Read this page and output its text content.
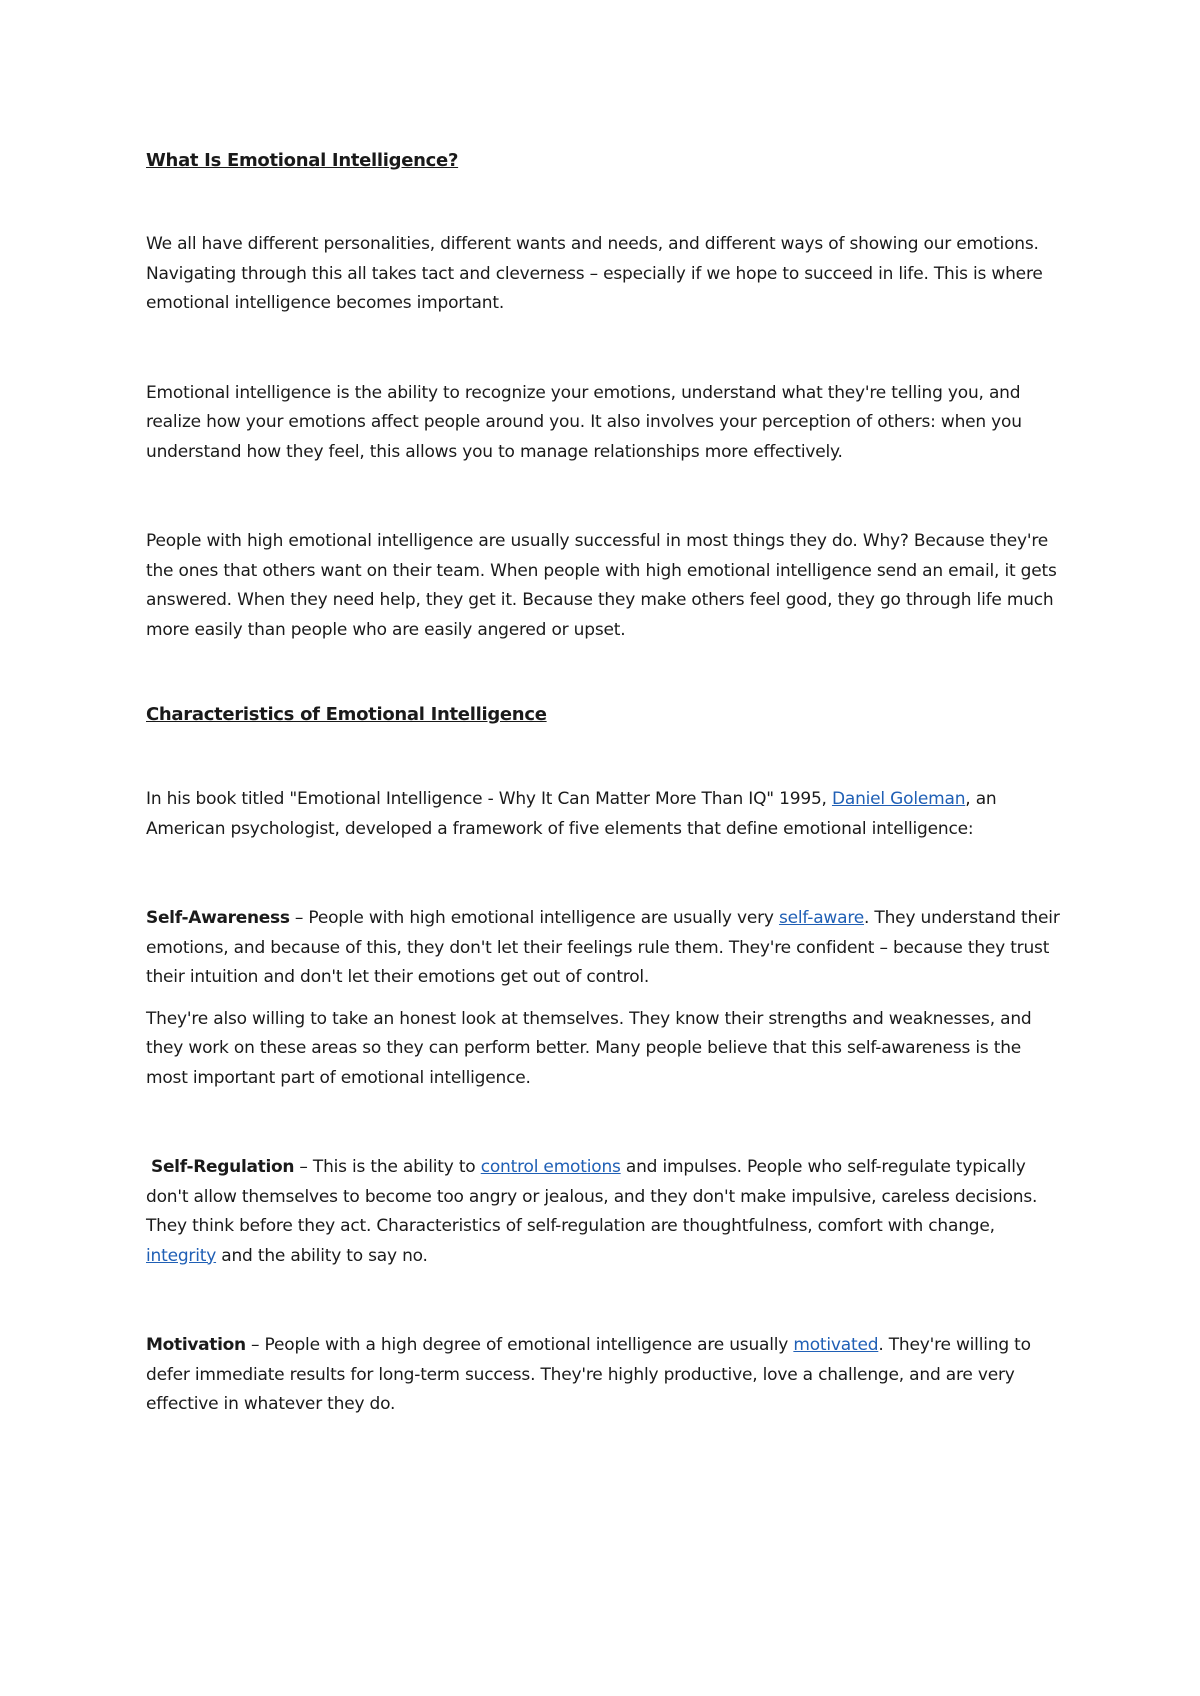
What Is Emotional Intelligence?

We all have different personalities, different wants and needs, and different ways of showing our emotions. Navigating through this all takes tact and cleverness – especially if we hope to succeed in life. This is where emotional intelligence becomes important.

Emotional intelligence is the ability to recognize your emotions, understand what they're telling you, and realize how your emotions affect people around you. It also involves your perception of others: when you understand how they feel, this allows you to manage relationships more effectively.

People with high emotional intelligence are usually successful in most things they do. Why? Because they're the ones that others want on their team. When people with high emotional intelligence send an email, it gets answered. When they need help, they get it. Because they make others feel good, they go through life much more easily than people who are easily angered or upset.

Characteristics of Emotional Intelligence

In his book titled "Emotional Intelligence - Why It Can Matter More Than IQ" 1995, Daniel Goleman, an American psychologist, developed a framework of five elements that define emotional intelligence:

Self-Awareness – People with high emotional intelligence are usually very self-aware. They understand their emotions, and because of this, they don't let their feelings rule them. They're confident – because they trust their intuition and don't let their emotions get out of control.

They're also willing to take an honest look at themselves. They know their strengths and weaknesses, and they work on these areas so they can perform better. Many people believe that this self-awareness is the most important part of emotional intelligence.

Self-Regulation – This is the ability to control emotions and impulses. People who self-regulate typically don't allow themselves to become too angry or jealous, and they don't make impulsive, careless decisions. They think before they act. Characteristics of self-regulation are thoughtfulness, comfort with change, integrity and the ability to say no.

Motivation – People with a high degree of emotional intelligence are usually motivated. They're willing to defer immediate results for long-term success. They're highly productive, love a challenge, and are very effective in whatever they do.
